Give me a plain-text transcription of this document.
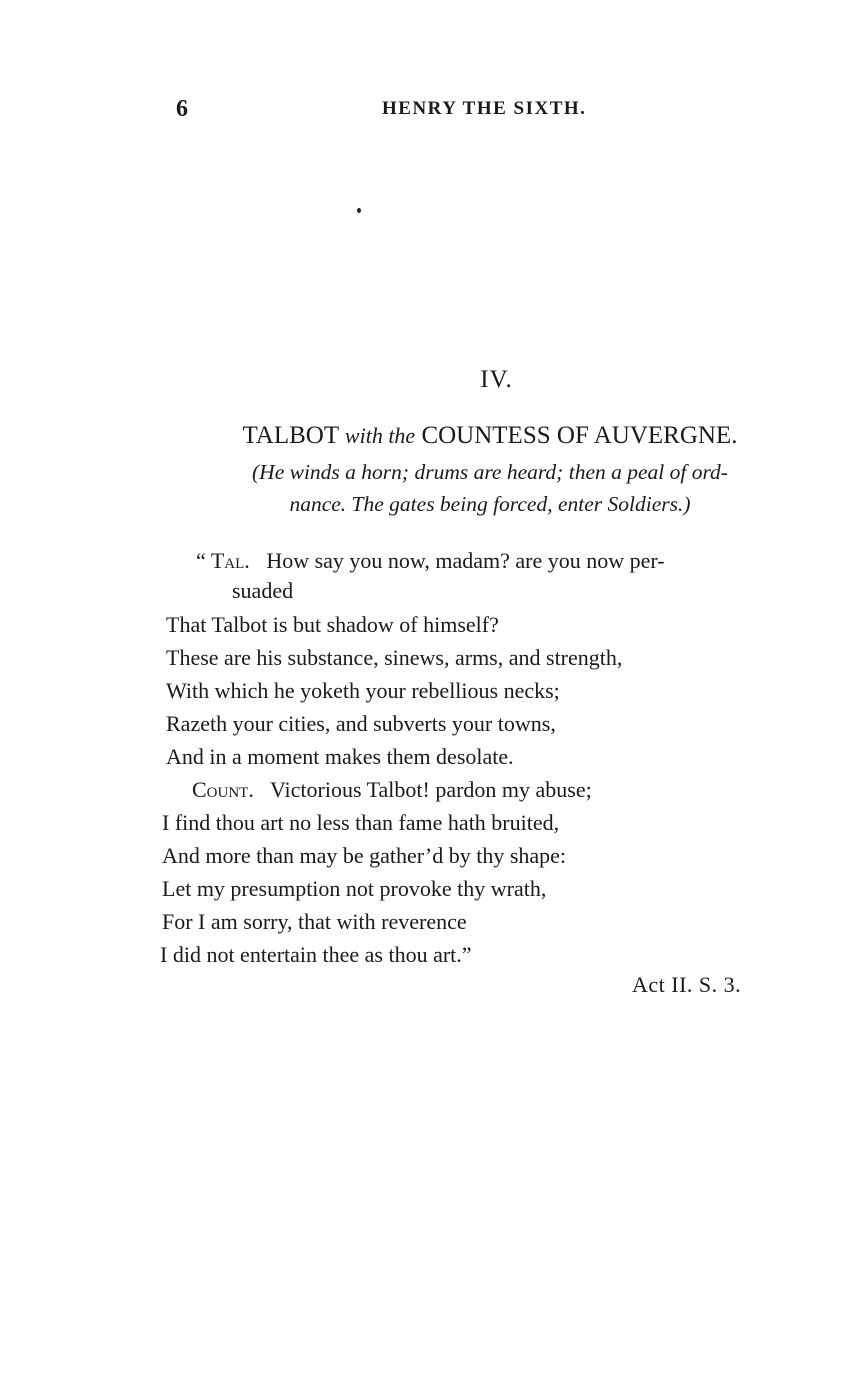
6	HENRY THE SIXTH.
IV.
TALBOT with the COUNTESS OF AUVERGNE.
(He winds a horn; drums are heard; then a peal of ord-
nance. The gates being forced, enter Soldiers.)
“ Tal. How say you now, madam? are you now per-
suaded
That Talbot is but shadow of himself?
These are his substance, sinews, arms, and strength,
With which he yoketh your rebellious necks;
Razeth your cities, and subverts your towns,
And in a moment makes them desolate.
Count. Victorious Talbot! pardon my abuse;
I find thou art no less than fame hath bruited,
And more than may be gather’d by thy shape:
Let my presumption not provoke thy wrath,
For I am sorry, that with reverence
I did not entertain thee as thou art.”
Act II. S. 3.
